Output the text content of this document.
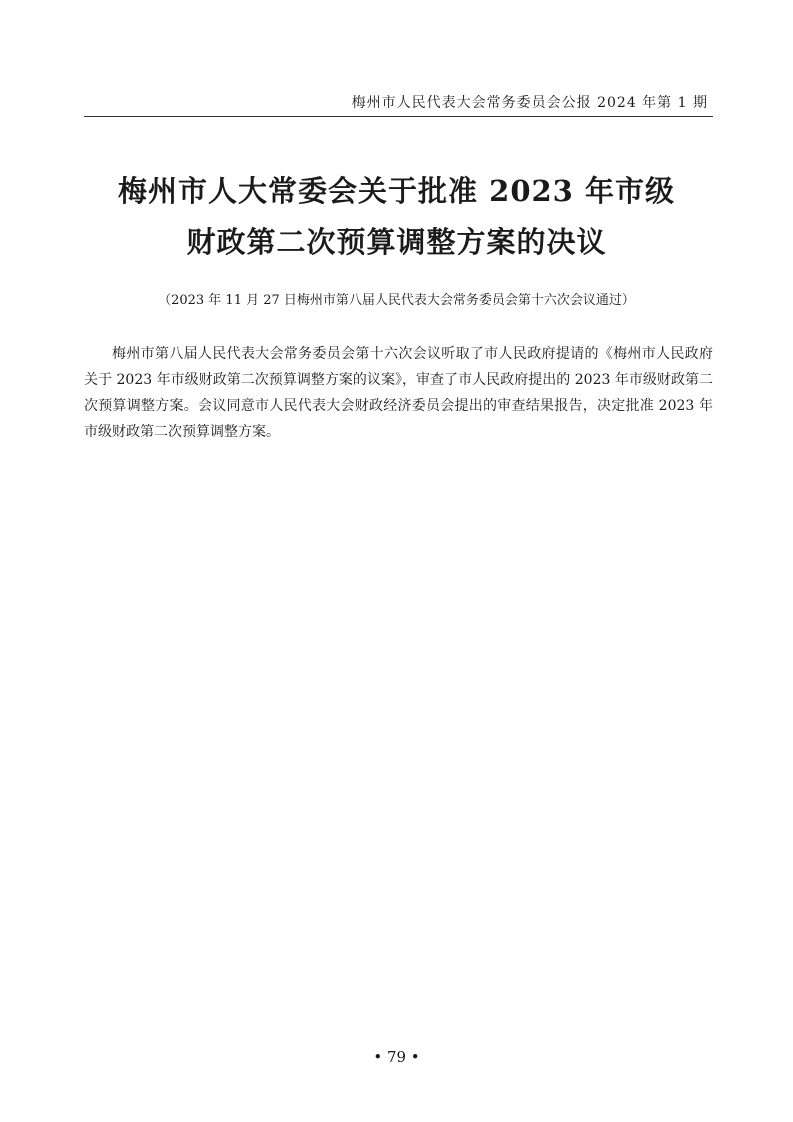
梅州市人民代表大会常务委员会公报 2024 年第 1 期
梅州市人大常委会关于批准 2023 年市级
财政第二次预算调整方案的决议
（2023 年 11 月 27 日梅州市第八届人民代表大会常务委员会第十六次会议通过）

梅州市第八届人民代表大会常务委员会第十六次会议听取了市人民政府提请的《梅州市人民政府关于 2023 年市级财政第二次预算调整方案的议案》，审查了市人民政府提出的 2023 年市级财政第二次预算调整方案。会议同意市人民代表大会财政经济委员会提出的审查结果报告，决定批准 2023 年市级财政第二次预算调整方案。

• 79 •
